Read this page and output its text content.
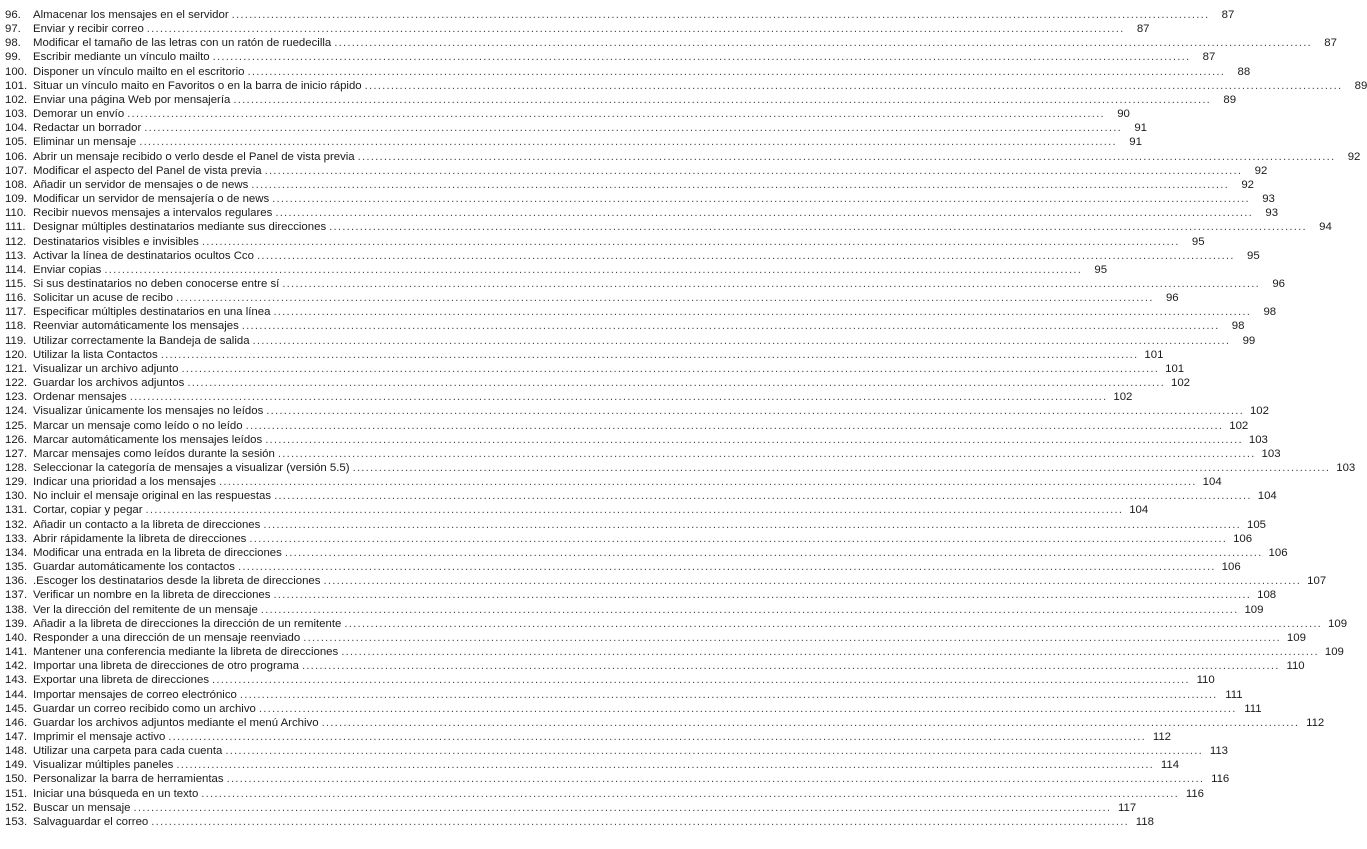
96.	Almacenar los mensajes en el servidor .....	87
97.	Enviar y recibir correo .....	87
98.	Modificar el tamaño de las letras con un ratón de ruedecilla .....	87
99.	Escribir mediante un vínculo mailto .....	87
100. Disponer un vínculo mailto en el escritorio .....	88
101. Situar un vínculo maito en Favoritos o en la barra de inicio rápido .....	89
102. Enviar una página Web por mensajería .....	89
103. Demorar un envío .....	90
104. Redactar un borrador .....	91
105. Eliminar un mensaje .....	91
106. Abrir un mensaje recibido o verlo desde el Panel de vista previa .....	92
107. Modificar el aspecto del Panel de vista previa .....	92
108. Añadir un servidor de mensajes o de news .....	92
109. Modificar un servidor de mensajería o de news .....	93
110. Recibir nuevos mensajes a intervalos regulares .....	93
111. Designar múltiples destinatarios mediante sus direcciones .....	94
112. Destinatarios visibles e invisibles .....	95
113. Activar la línea de destinatarios ocultos Cco .....	95
114. Enviar copias .....	95
115. Si sus destinatarios no deben conocerse entre sí .....	96
116. Solicitar un acuse de recibo .....	96
117. Especificar múltiples destinatarios en una línea .....	98
118. Reenviar automáticamente los mensajes .....	98
119. Utilizar correctamente la Bandeja de salida .....	99
120. Utilizar la lista Contactos .....	101
121. Visualizar un archivo adjunto .....	101
122. Guardar los archivos adjuntos .....	102
123. Ordenar mensajes .....	102
124. Visualizar únicamente los mensajes no leídos .....	102
125. Marcar un mensaje como leído o no leído .....	102
126. Marcar automáticamente los mensajes leídos .....	103
127. Marcar mensajes como leídos durante la sesión .....	103
128. Seleccionar la categoría de mensajes a visualizar (versión 5.5) .....	103
129. Indicar una prioridad a los mensajes .....	104
130. No incluir el mensaje original en las respuestas .....	104
131. Cortar, copiar y pegar .....	104
132. Añadir un contacto a la libreta de direcciones .....	105
133. Abrir rápidamente la libreta de direcciones .....	106
134. Modificar una entrada en la libreta de direcciones .....	106
135. Guardar automáticamente los contactos .....	106
136. .Escoger los destinatarios desde la libreta de direcciones .....	107
137. Verificar un nombre en la libreta de direcciones .....	108
138. Ver la dirección del remitente de un mensaje .....	109
139. Añadir a la libreta de direcciones la dirección de un remitente .....	109
140. Responder a una dirección de un mensaje reenviado .....	109
141. Mantener una conferencia mediante la libreta de direcciones .....	109
142. Importar una libreta de direcciones de otro programa .....	110
143. Exportar una libreta de direcciones .....	110
144. Importar mensajes de correo electrónico .....	111
145. Guardar un correo recibido como un archivo .....	111
146. Guardar los archivos adjuntos mediante el menú Archivo .....	112
147. Imprimir el mensaje activo .....	112
148. Utilizar una carpeta para cada cuenta .....	113
149. Visualizar múltiples paneles .....	114
150. Personalizar la barra de herramientas .....	116
151. Iniciar una búsqueda en un texto .....	116
152. Buscar un mensaje .....	117
153. Salvaguardar el correo .....	118
